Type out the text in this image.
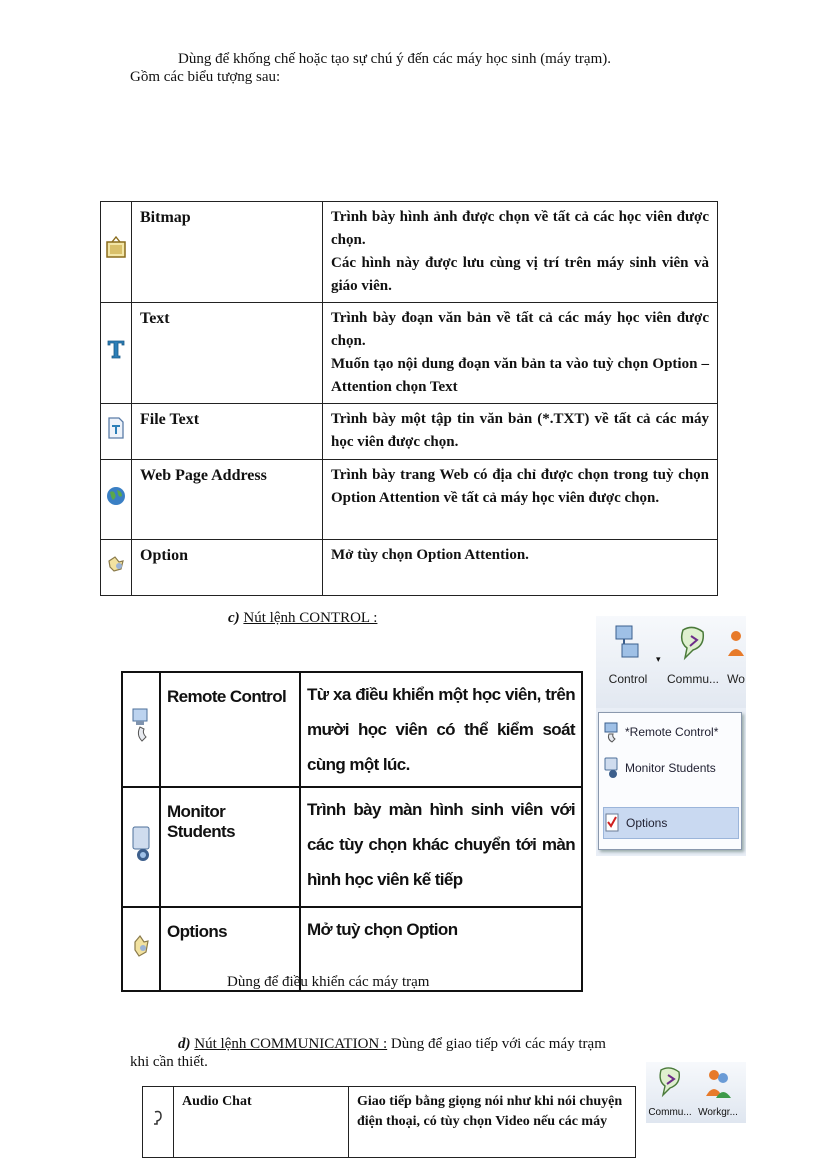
Dùng để khống chế hoặc tạo sự chú ý đến các máy học sinh (máy trạm).
Gồm các biểu tượng sau:
	Bitmap	Trình bày hình ảnh được chọn về tất cả các học viên được chọn.
Các hình này được lưu cùng vị trí trên máy sinh viên và giáo viên.
	Text	Trình bày đoạn văn bản về tất cả các máy học viên được chọn.
Muốn tạo nội dung đoạn văn bản ta vào tuỳ chọn Option –Attention chọn Text
	File Text	Trình bày một tập tin văn bản (*.TXT) về tất cả các máy học viên được chọn.
	Web Page Address	Trình bày trang Web có địa chỉ được chọn trong tuỳ chọn Option Attention về tất cả máy học viên được chọn.
	Option	Mở tùy chọn Option Attention.
c) Nút lệnh CONTROL :
	Remote Control	Từ xa điều khiển một học viên, trên mười học viên có thể kiểm soát cùng một lúc.
	Monitor Students	Trình bày màn hình sinh viên với các tùy chọn khác chuyển tới màn hình học viên kế tiếp
	Options	Mở tuỳ chọn Option
Control
▾
Commu... Wo
*Remote Control*
Monitor Students
Options
Dùng để điều khiển các máy trạm
d) Nút lệnh COMMUNICATION : Dùng để giao tiếp với các máy trạm
khi cần thiết.
	Audio Chat	Giao tiếp bằng giọng nói như khi nói chuyện điện thoại, có tùy chọn Video nếu các máy
Commu... Workgr...
